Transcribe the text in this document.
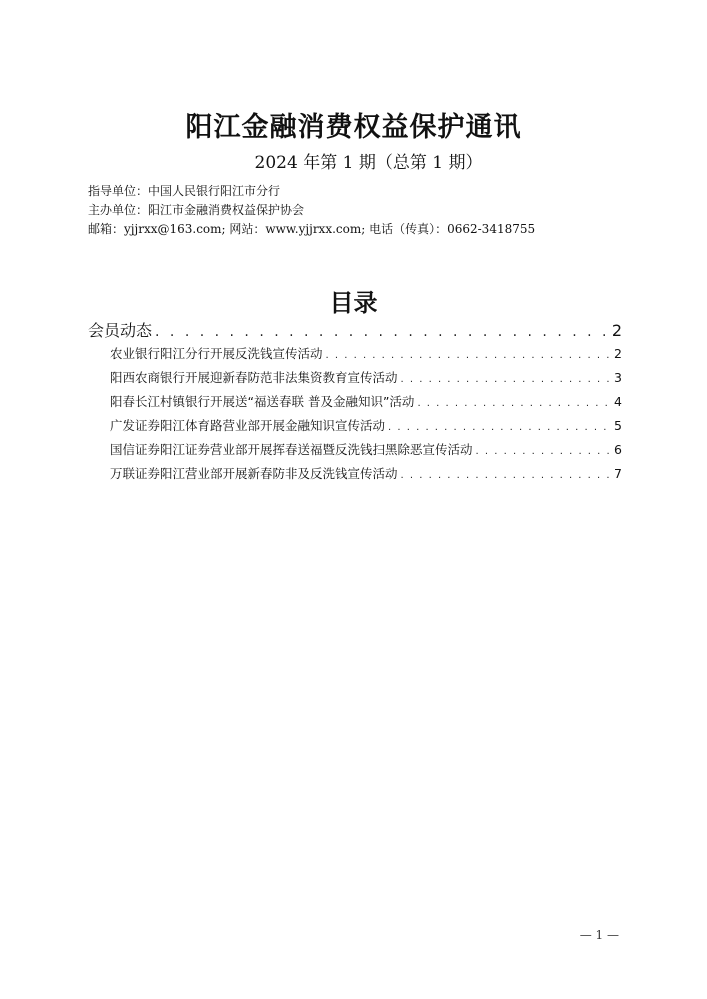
阳江金融消费权益保护通讯
2024 年第 1 期（总第 1 期）
指导单位：中国人民银行阳江市分行
主办单位：阳江市金融消费权益保护协会
邮箱：yjjrxx@163.com; 网站：www.yjjrxx.com; 电话（传真）：0662-3418755
目录
会员动态 . . .	2
农业银行阳江分行开展反洗钱宣传活动 . . .	2
阳西农商银行开展迎新春防范非法集资教育宣传活动 . . .	3
阳春长江村镇银行开展送“福送春联 普及金融知识”活动 . . .	4
广发证券阳江体育路营业部开展金融知识宣传活动 . . .	5
国信证券阳江证券营业部开展挥春送福暨反洗钱扫黑除恶宣传活动 . . .	6
万联证券阳江营业部开展新春防非及反洗钱宣传活动 . . .	7
— 1 —
